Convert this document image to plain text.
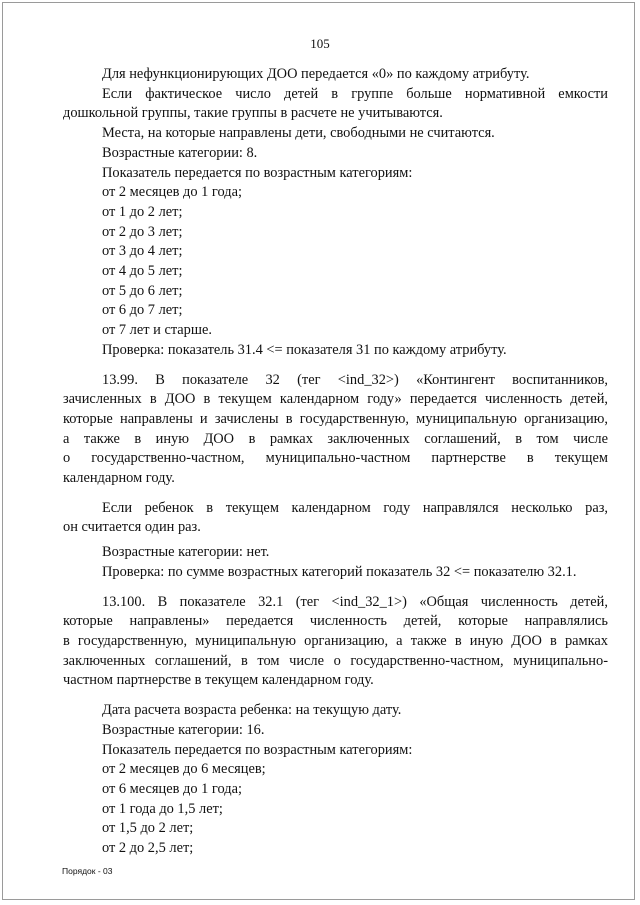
105

Для нефункционирующих ДОО передается «0» по каждому атрибуту.

Если фактическое число детей в группе больше нормативной емкости

дошкольной группы, такие группы в расчете не учитываются.

Места, на которые направлены дети, свободными не считаются.

Возрастные категории: 8.

Показатель передается по возрастным категориям:

от 2 месяцев до 1 года;

от 1 до 2 лет;

от 2 до 3 лет;

от 3 до 4 лет;

от 4 до 5 лет;

от 5 до 6 лет;

от 6 до 7 лет;

от 7 лет и старше.

Проверка: показатель 31.4 <= показателя 31 по каждому атрибуту.

13.99. В показателе 32 (тег <ind_32>) «Контингент воспитанников,

зачисленных в ДОО в текущем календарном году» передается численность детей,

которые направлены и зачислены в государственную, муниципальную организацию,

а также в иную ДОО в рамках заключенных соглашений, в том числе

о государственно-частном, муниципально-частном партнерстве в текущем

календарном году.

Если ребенок в текущем календарном году направлялся несколько раз,

он считается один раз.

Возрастные категории: нет.

Проверка: по сумме возрастных категорий показатель 32 <= показателю 32.1.

13.100. В показателе 32.1 (тег <ind_32_1>) «Общая численность детей,

которые направлены» передается численность детей, которые направлялись

в государственную, муниципальную организацию, а также в иную ДОО в рамках

заключенных соглашений, в том числе о государственно-частном, муниципально-

частном партнерстве в текущем календарном году.

Дата расчета возраста ребенка: на текущую дату.

Возрастные категории: 16.

Показатель передается по возрастным категориям:

от 2 месяцев до 6 месяцев;

от 6 месяцев до 1 года;

от 1 года до 1,5 лет;

от 1,5 до 2 лет;

от 2 до 2,5 лет;

Порядок - 03
